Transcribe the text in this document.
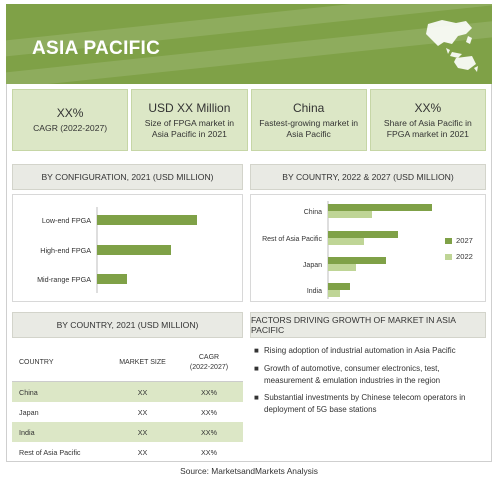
ASIA PACIFIC
XX%
CAGR (2022-2027)
USD XX Million
Size of FPGA market in Asia Pacific in 2021
China
Fastest-growing market in Asia Pacific
XX%
Share of Asia Pacific in FPGA market in 2021
BY CONFIGURATION, 2021 (USD MILLION)	BY COUNTRY, 2022 & 2027 (USD MILLION)
Low-end FPGA
High-end FPGA
Mid-range FPGA
China
Rest of Asia Pacific
Japan
India
2027
2022
BY COUNTRY, 2021 (USD MILLION)	FACTORS DRIVING GROWTH OF MARKET IN ASIA PACIFIC
COUNTRY	MARKET SIZE
CAGR
(2022-2027)
China	XX	XX%
Japan	XX	XX%
India	XX	XX%
Rest of Asia Pacific	XX	XX%
■ Rising adoption of industrial automation in Asia Pacific
■ Growth of automotive, consumer electronics, test, measurement & emulation industries in the region
■ Substantial investments by Chinese telecom operators in deployment of 5G base stations
Source: MarketsandMarkets Analysis
